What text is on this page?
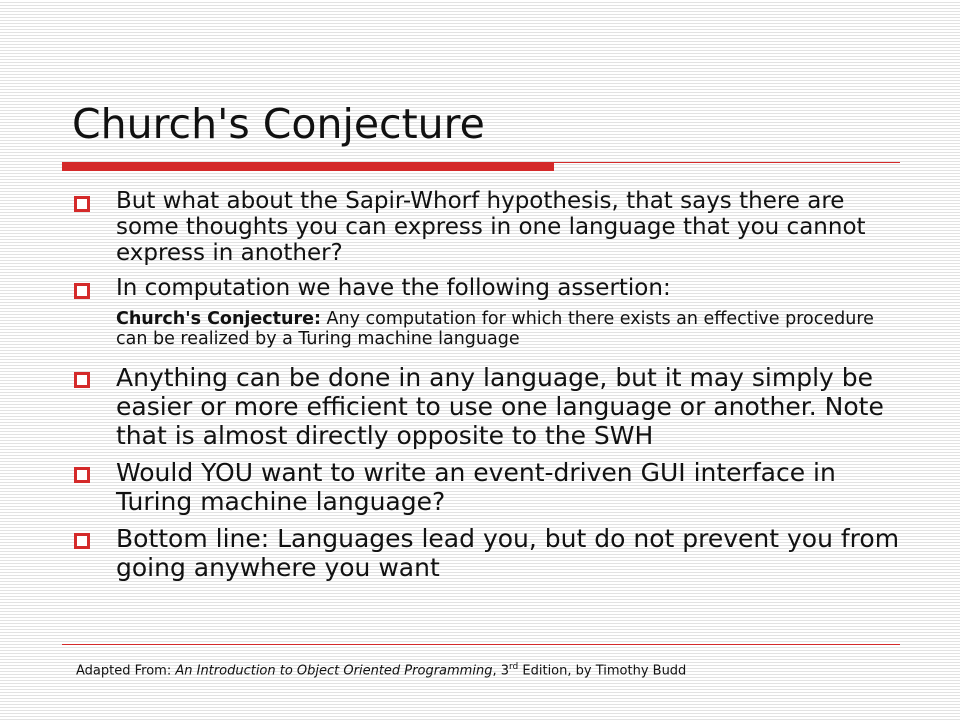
Church's Conjecture
But what about the Sapir-Whorf hypothesis, that says there are some thoughts you can express in one language that you cannot express in another?
In computation we have the following assertion:
Church's Conjecture: Any computation for which there exists an effective procedure can be realized by a Turing machine language
Anything can be done in any language, but it may simply be easier or more efficient to use one language or another. Note that is almost directly opposite to the SWH
Would YOU want to write an event-driven GUI interface in Turing machine language?
Bottom line: Languages lead you, but do not prevent you from going anywhere you want
Adapted From: An Introduction to Object Oriented Programming, 3rd Edition, by Timothy Budd
